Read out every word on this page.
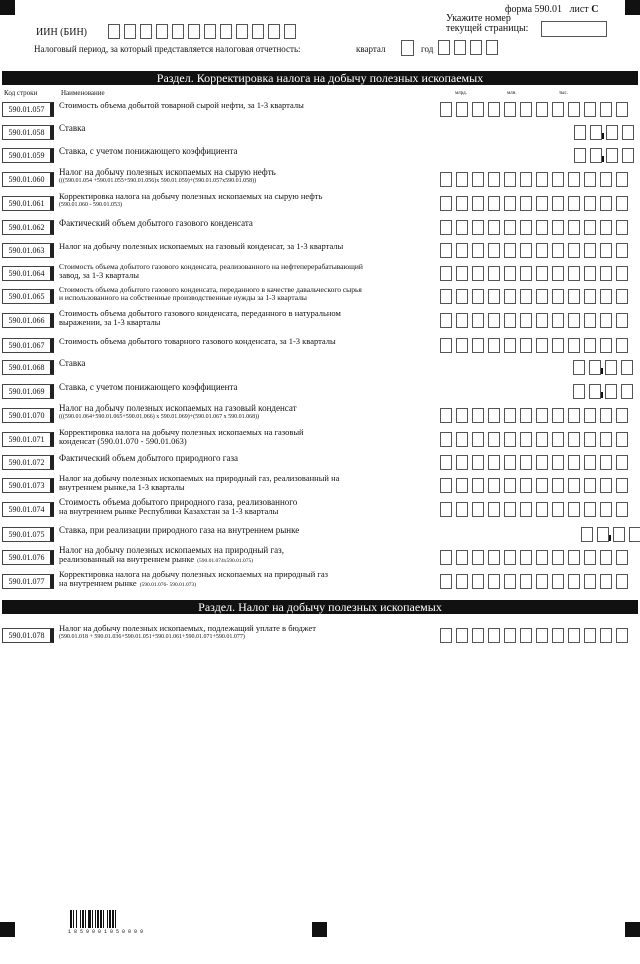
форма 590.01 лист С
ИИН (БИН)
Укажите номер текущей страницы:
Налоговый период, за который представляется налоговая отчетность:	квартал	год
Раздел. Корректировка налога на добычу полезных ископаемых
Код строки	Наименование	млрд.	млн.	тыс.
590.01.057	Стоимость объема добытой товарной сырой нефти, за 1-3 кварталы
590.01.058	Ставка
590.01.059	Ставка, с учетом понижающего коэффициента
590.01.060
Налог на добычу полезных ископаемых на сырую нефть
(((590.01.054 +590.01.055+590.01.056)x 590.01.059)+(590.01.057x590.01.058))
590.01.061
Корректировка налога на добычу полезных ископаемых на сырую нефть
(590.01.060 - 590.01.053)
590.01.062	Фактический объем добытого газового конденсата
590.01.063	Налог на добычу полезных ископаемых на газовый конденсат, за 1-3 кварталы
590.01.064
Стоимость объема добытого газового конденсата, реализованного на нефтеперерабатывающий
завод, за 1-3 кварталы
590.01.065
Стоимость объема добытого газового конденсата, переданного в качестве давальческого сырья
и использованного на собственные производственные нужды за 1-3 кварталы
590.01.066
Стоимость объема добытого газового конденсата, переданного в натуральном
выражении, за 1-3 кварталы
590.01.067	Стоимость объема добытого товарного газового конденсата, за 1-3 кварталы
590.01.068	Ставка
590.01.069	Ставка, с учетом понижающего коэффициента
590.01.070
Налог на добычу полезных ископаемых на газовый конденсат
(((590.01.064+590.01.065+590.01.066) x 590.01.069)+(590.01.067 x 590.01.068))
590.01.071
Корректировка налога на добычу полезных ископаемых на газовый
конденсат (590.01.070 - 590.01.063)
590.01.072	Фактический объем добытого природного газа
590.01.073
Налог на добычу полезных ископаемых на природный газ, реализованный на
внутреннем рынке,за 1-3 кварталы
590.01.074
Стоимость объема добытого природного газа, реализованного
на внутреннем рынке Республики Казахстан за 1-3 кварталы
590.01.075	Ставка, при реализации природного газа на внутреннем рынке
590.01.076
Налог на добычу полезных ископаемых на природный газ,
реализованный на внутреннем рынке (590.01.074x590.01.075)
590.01.077
Корректировка налога на добычу полезных ископаемых на природный газ
на внутреннем рынке (590.01.076- 590.01.073)
Раздел. Налог на добычу полезных ископаемых
590.01.078
Налог на добычу полезных ископаемых, подлежащий уплате в бюджет
(590.01.018 + 590.01.036+590.01.051+590.01.061+590.01.071+590.01.077)
1 8 5 9 0 0 1 0 5 0 0 0 9
